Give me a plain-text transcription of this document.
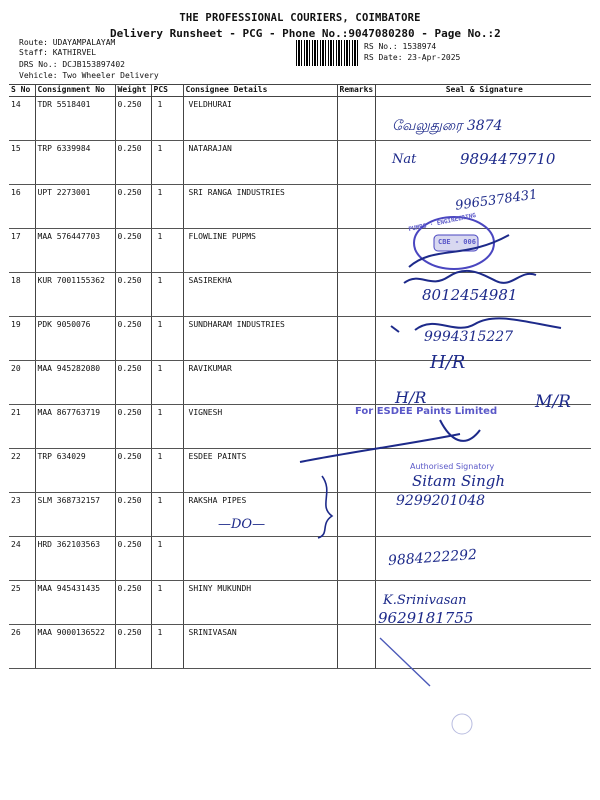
THE PROFESSIONAL COURIERS, COIMBATORE
Delivery Runsheet - PCG - Phone No.:9047080280 - Page No.:2
Route: UDAYAMPALAYAM
Staff: KATHIRVEL
DRS No.: DCJB153897402
Vehicle: Two Wheeler Delivery
RS No.: 1538974
RS Date: 23-Apr-2025
S No	Consignment No	Weight	PCS	Consignee Details	Remarks	Seal & Signature
14	TDR 5518401	0.250	1	VELDHURAI		
15	TRP 6339984	0.250	1	NATARAJAN		
16	UPT 2273001	0.250	1	SRI RANGA INDUSTRIES		
17	MAA 576447703	0.250	1	FLOWLINE PUPMS		
18	KUR 7001155362	0.250	1	SASIREKHA		
19	PDK 9050076	0.250	1	SUNDHARAM INDUSTRIES		
20	MAA 945282080	0.250	1	RAVIKUMAR		
21	MAA 867763719	0.250	1	VIGNESH		
22	TRP 634029	0.250	1	ESDEE PAINTS		
23	SLM 368732157	0.250	1	RAKSHA PIPES		
24	HRD 362103563	0.250	1			
25	MAA 945431435	0.250	1	SHINY MUKUNDH		
26	MAA 9000136522	0.250	1	SRINIVASAN		
வேலுதுரை 3874
Nat	9894479710
9965378431
PUMPS · ENGINEERING
CBE - 006
8012454981
9994315227
H/R
H/R	M/R
For ESDEE Paints Limited
Authorised Signatory
Sitam Singh
9299201048
—DO—
9884222292
K.Srinivasan
9629181755
